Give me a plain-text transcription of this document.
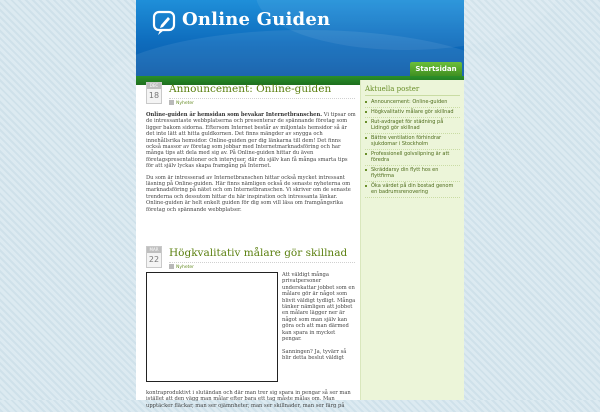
Online Guiden
Startsidan
DEC
18
Announcement: Online-guiden
Nyheter

Online-guiden är hemsidan som bevakar Internetbranschen. Vi tipsar om de intressantaste webbplatserna och presenterar de spännande företag som ligger bakom sidorna. Eftersom Internet består av miljontals hemsidor så är det inte lätt att hitta guldkornen. Det finns mängder av snygga och innehållsrika hemsidor. Online-guiden ger dig länkarna till dem! Det finns också massor av företag som jobbar med Internetmarknadsföring och har många tips att dela med sig av. På Online-guiden hittar du även företagspresentationer och intervjuer, där du själv kan få många smarta tips för att själv lyckas skapa framgång på Internet.

Du som är intresserad av Internetbranschen hittar också mycket intressant läsning på Online-guiden. Här finns nämligen också de senaste nyheterna om marknadsföring på nätet och om Internetbranschen. Vi skriver om de senaste trenderna och dessutom hittar du här inspiration och intressanta länkar. Online-guiden är helt enkelt guiden för dig som vill läsa om framgångsrika företag och spännande webbplatser.

MAR
22
Högkvalitativ målare gör skillnad
Nyheter
Att väldigt många privatpersoner underskattar jobbet som en målare gör är något som blivit väldigt tydligt. Många tänker nämligen att jobbet en målare lägger ner är något som man själv kan göra och att man därmed kan spara in mycket pengar.

Sanningen? Ja, tyvärr så blir detta beslut väldigt
kontraproduktivt i slutändan och där man trer sig spara in pengar så ser man istället att den vägg man målar efter bara ett tag måste målas om. Man upptäcker fläckar, man ser ojämnheter, man ser skillnader, man ser färg på
Aktuella poster
Announcement: Online-guiden
Högkvalitativ målare gör skillnad
Rut-avdraget för städning på Lidingö gör skillnad
Bättre ventilation förhindrar sjukdomar i Stockholm
Professionell golvslipning är att föredra
Skräddarsy din flytt hos en flyttfirma
Öka värdet på din bostad genom en badrumsrenovering
